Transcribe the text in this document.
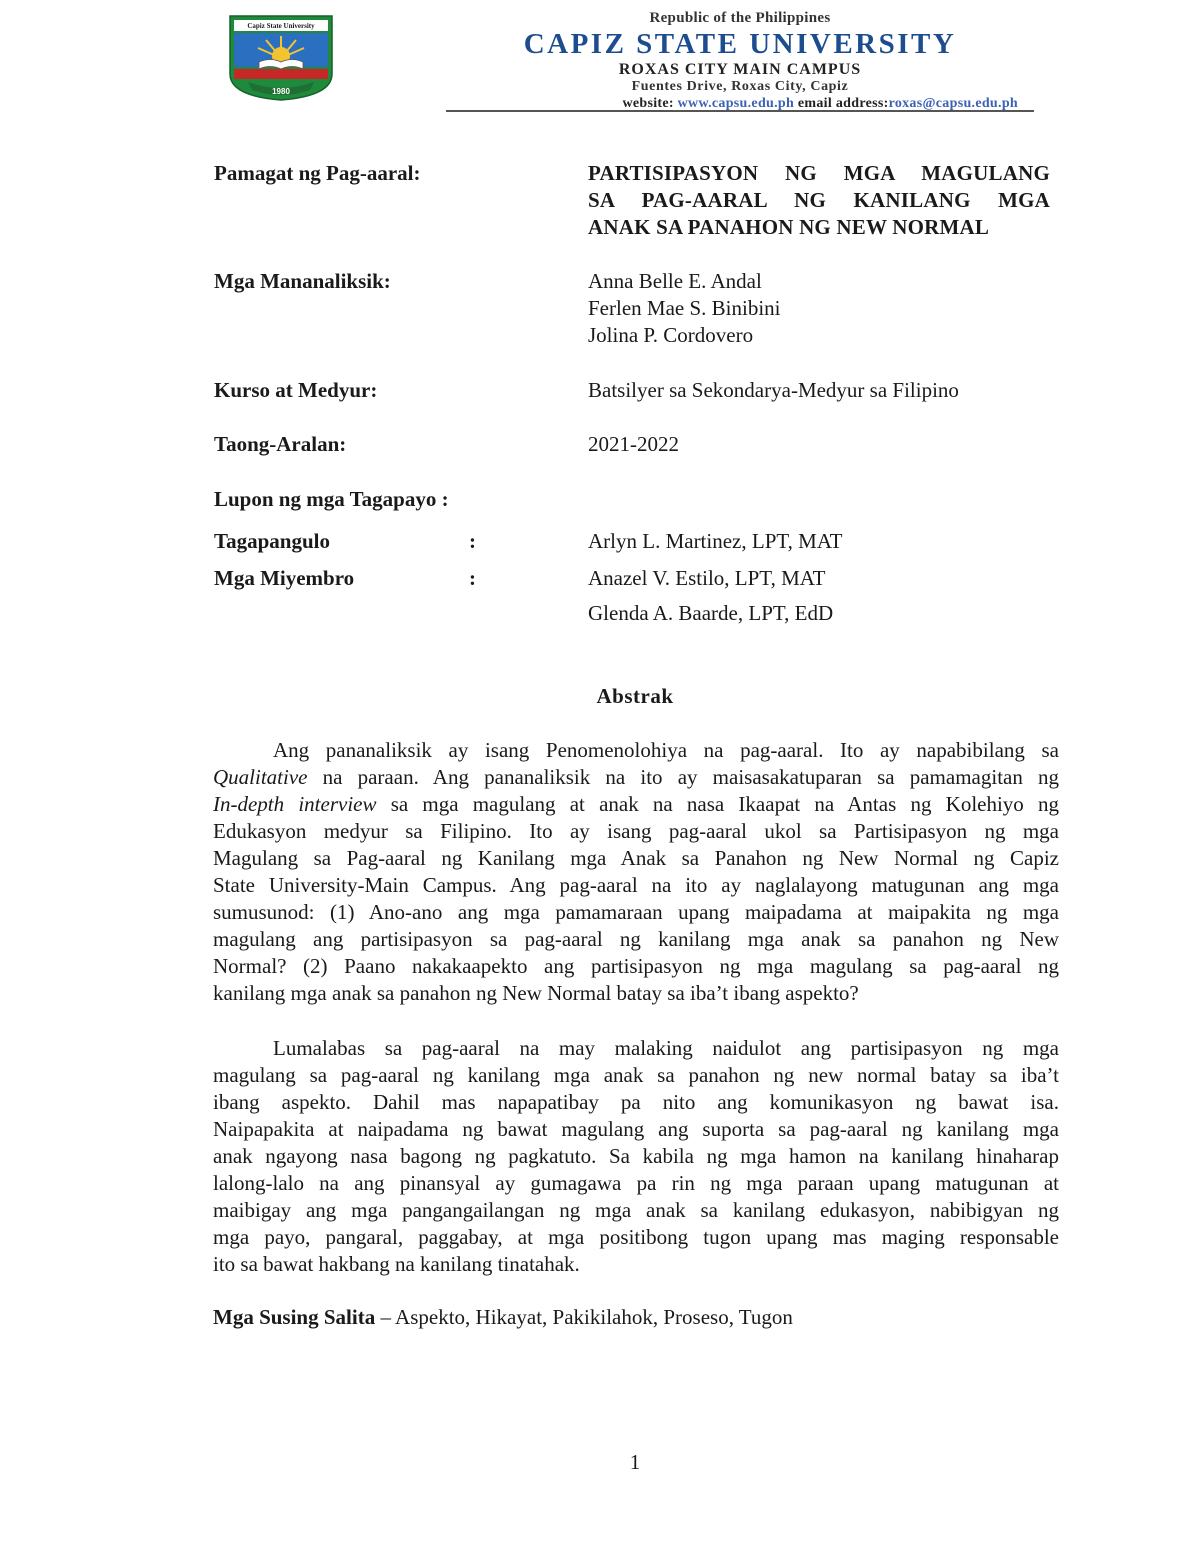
1980
Capiz State University	Republic of the Philippines
CAPIZ STATE UNIVERSITY
ROXAS CITY MAIN CAMPUS
Fuentes Drive, Roxas City, Capiz
website: www.capsu.edu.ph email address:roxas@capsu.edu.ph
Pamagat ng Pag-aaral:	PARTISIPASYON NG MGA MAGULANG
SA PAG-AARAL NG KANILANG MGA
ANAK SA PANAHON NG NEW NORMAL
Mga Mananaliksik:	Anna Belle E. Andal
Ferlen Mae S. Binibini
Jolina P. Cordovero
Kurso at Medyur:	Batsilyer sa Sekondarya-Medyur sa Filipino
Taong-Aralan:	2021-2022
Lupon ng mga Tagapayo :
Tagapangulo	:	Arlyn L. Martinez, LPT, MAT
Mga Miyembro	:	Anazel V. Estilo, LPT, MAT
Glenda A. Baarde, LPT, EdD
Abstrak
Ang pananaliksik ay isang Penomenolohiya na pag-aaral. Ito ay napabibilang sa
Qualitative na paraan. Ang pananaliksik na ito ay maisasakatuparan sa pamamagitan ng
In-depth interview sa mga magulang at anak na nasa Ikaapat na Antas ng Kolehiyo ng
Edukasyon medyur sa Filipino. Ito ay isang pag-aaral ukol sa Partisipasyon ng mga
Magulang sa Pag-aaral ng Kanilang mga Anak sa Panahon ng New Normal ng Capiz
State University-Main Campus. Ang pag-aaral na ito ay naglalayong matugunan ang mga
sumusunod: (1) Ano-ano ang mga pamamaraan upang maipadama at maipakita ng mga
magulang ang partisipasyon sa pag-aaral ng kanilang mga anak sa panahon ng New
Normal? (2) Paano nakakaapekto ang partisipasyon ng mga magulang sa pag-aaral ng
kanilang mga anak sa panahon ng New Normal batay sa iba’t ibang aspekto?
Lumalabas sa pag-aaral na may malaking naidulot ang partisipasyon ng mga
magulang sa pag-aaral ng kanilang mga anak sa panahon ng new normal batay sa iba’t
ibang aspekto. Dahil mas napapatibay pa nito ang komunikasyon ng bawat isa.
Naipapakita at naipadama ng bawat magulang ang suporta sa pag-aaral ng kanilang mga
anak ngayong nasa bagong ng pagkatuto. Sa kabila ng mga hamon na kanilang hinaharap
lalong-lalo na ang pinansyal ay gumagawa pa rin ng mga paraan upang matugunan at
maibigay ang mga pangangailangan ng mga anak sa kanilang edukasyon, nabibigyan ng
mga payo, pangaral, paggabay, at mga positibong tugon upang mas maging responsable
ito sa bawat hakbang na kanilang tinatahak.
Mga Susing Salita – Aspekto, Hikayat, Pakikilahok, Proseso, Tugon
1
